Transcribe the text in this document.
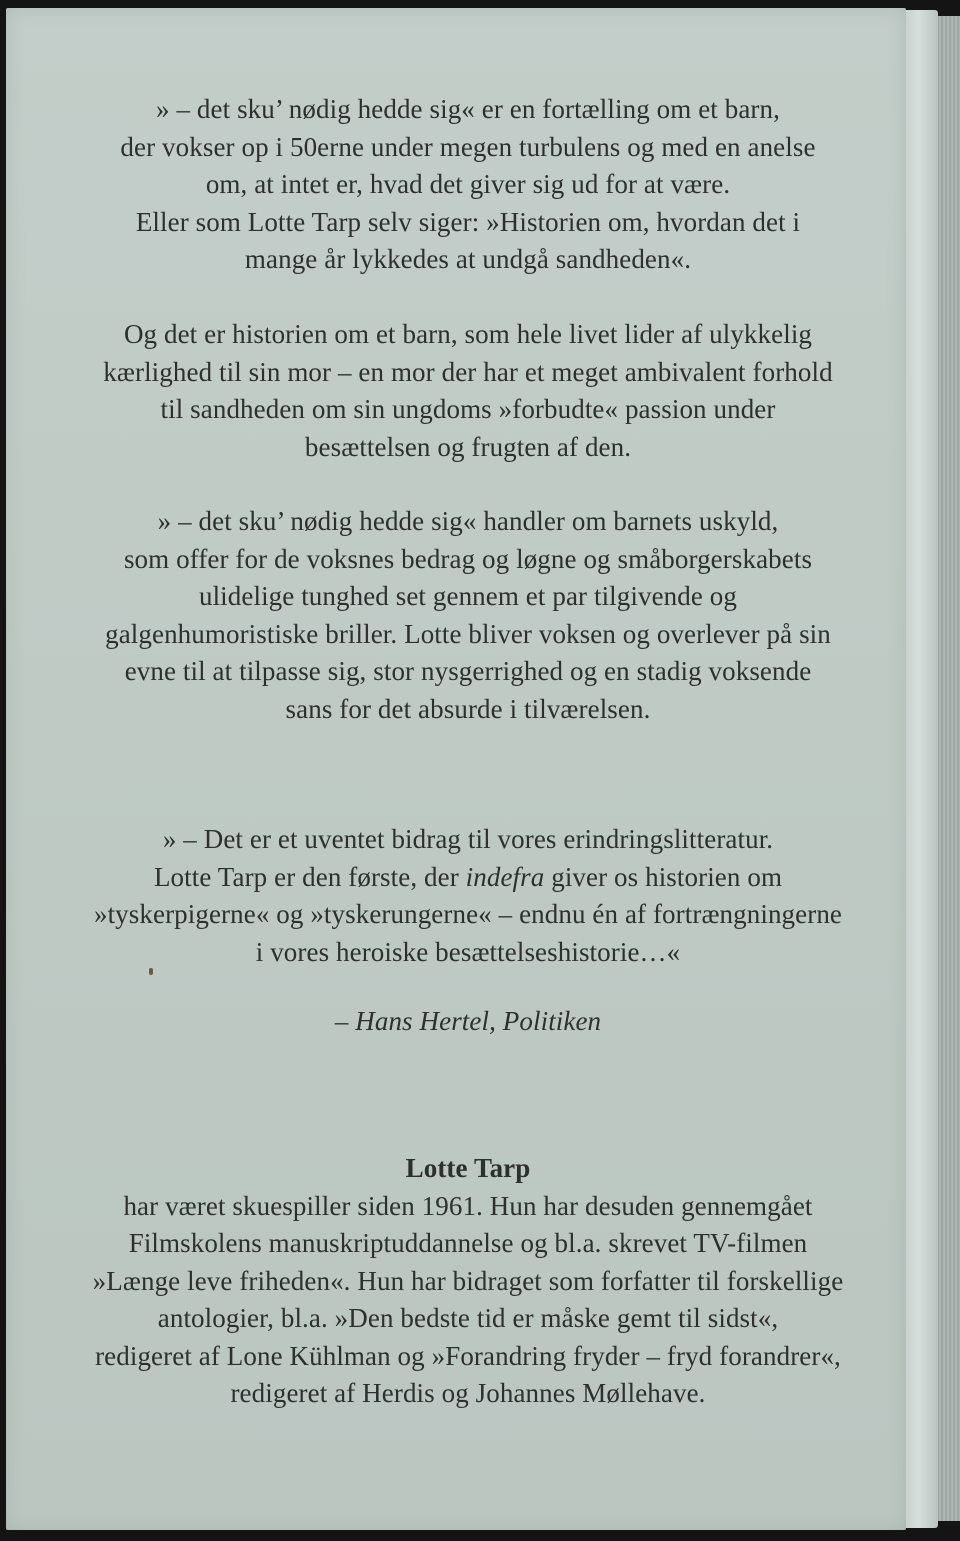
» – det sku’ nødig hedde sig« er en fortælling om et barn,
der vokser op i 50erne under megen turbulens og med en anelse
om, at intet er, hvad det giver sig ud for at være.
Eller som Lotte Tarp selv siger: »Historien om, hvordan det i
mange år lykkedes at undgå sandheden«.
Og det er historien om et barn, som hele livet lider af ulykkelig
kærlighed til sin mor – en mor der har et meget ambivalent forhold
til sandheden om sin ungdoms »forbudte« passion under
besættelsen og frugten af den.
» – det sku’ nødig hedde sig« handler om barnets uskyld,
som offer for de voksnes bedrag og løgne og småborgerskabets
ulidelige tunghed set gennem et par tilgivende og
galgenhumoristiske briller. Lotte bliver voksen og overlever på sin
evne til at tilpasse sig, stor nysgerrighed og en stadig voksende
sans for det absurde i tilværelsen.
» – Det er et uventet bidrag til vores erindringslitteratur.
Lotte Tarp er den første, der indefra giver os historien om
»tyskerpigerne« og »tyskerungerne« – endnu én af fortrængningerne
i vores heroiske besættelseshistorie…«
– Hans Hertel, Politiken
Lotte Tarp
har været skuespiller siden 1961. Hun har desuden gennemgået
Filmskolens manuskriptuddannelse og bl.a. skrevet TV-filmen
»Længe leve friheden«. Hun har bidraget som forfatter til forskellige
antologier, bl.a. »Den bedste tid er måske gemt til sidst«,
redigeret af Lone Kühlman og »Forandring fryder – fryd forandrer«,
redigeret af Herdis og Johannes Møllehave.
